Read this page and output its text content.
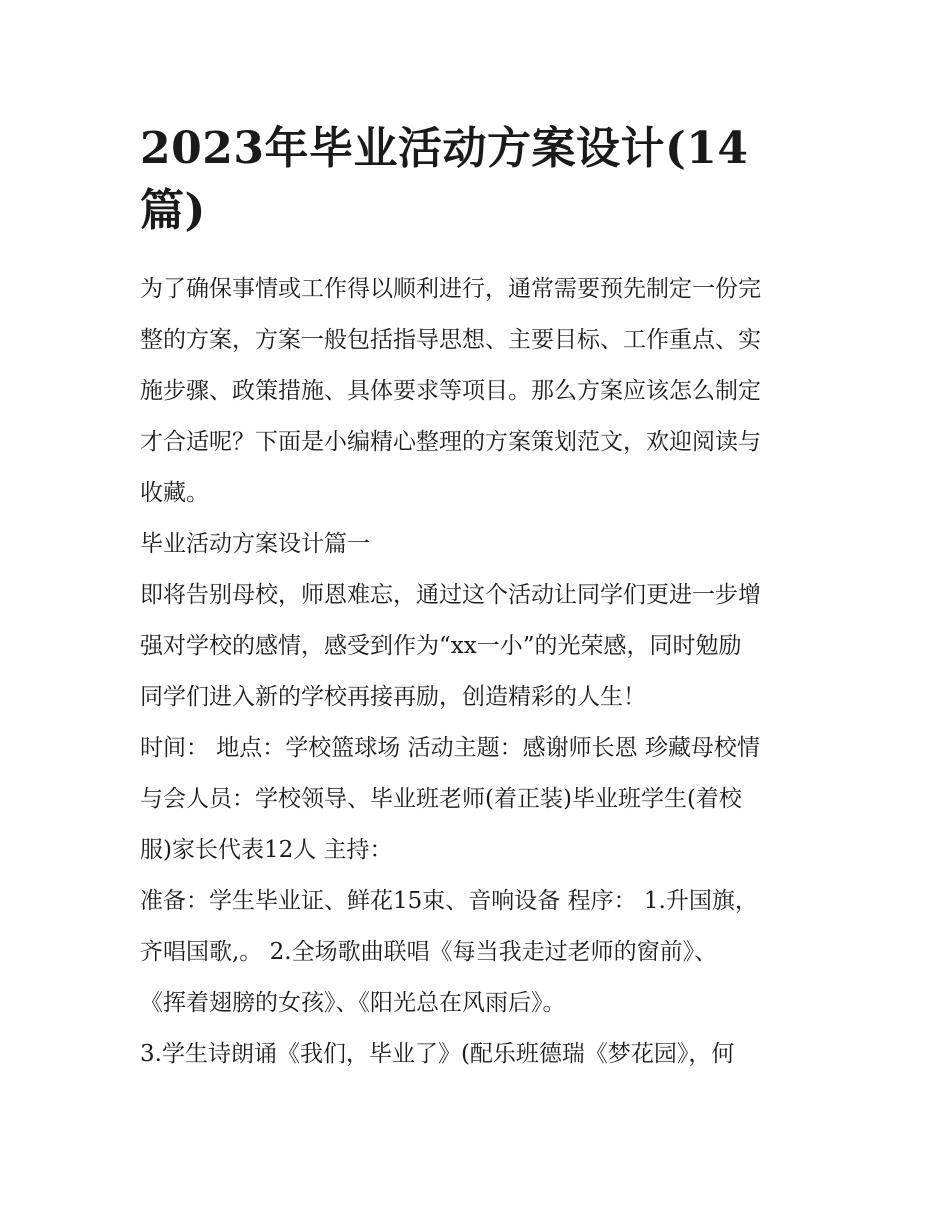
2023年毕业活动方案设计(14
篇)

为了确保事情或工作得以顺利进行，通常需要预先制定一份完
整的方案，方案一般包括指导思想、主要目标、工作重点、实
施步骤、政策措施、具体要求等项目。那么方案应该怎么制定
才合适呢？下面是小编精心整理的方案策划范文，欢迎阅读与
收藏。

毕业活动方案设计篇一

即将告别母校，师恩难忘，通过这个活动让同学们更进一步增
强对学校的感情，感受到作为“xx一小”的光荣感，同时勉励
同学们进入新的学校再接再励，创造精彩的人生！
时间： 地点：学校篮球场 活动主题：感谢师长恩 珍藏母校情
与会人员：学校领导、毕业班老师(着正装)毕业班学生(着校
服)家长代表12人 主持：
准备：学生毕业证、鲜花15束、音响设备 程序： 1.升国旗，
齐唱国歌,。 2.全场歌曲联唱《每当我走过老师的窗前》、
《挥着翅膀的女孩》、《阳光总在风雨后》。
3.学生诗朗诵《我们，毕业了》(配乐班德瑞《梦花园》，何
